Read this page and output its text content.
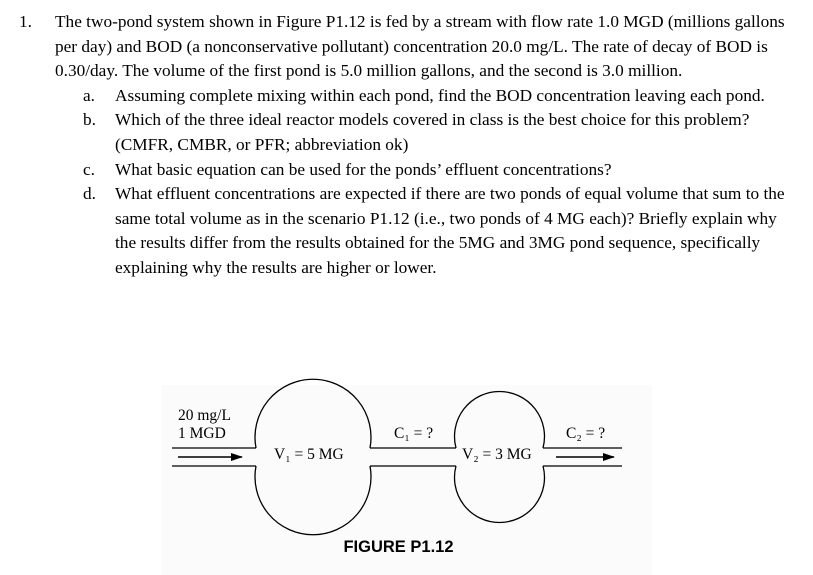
1. The two-pond system shown in Figure P1.12 is fed by a stream with flow rate 1.0 MGD (millions gallons per day) and BOD (a nonconservative pollutant) concentration 20.0 mg/L. The rate of decay of BOD is 0.30/day. The volume of the first pond is 5.0 million gallons, and the second is 3.0 million.
a. Assuming complete mixing within each pond, find the BOD concentration leaving each pond.
b. Which of the three ideal reactor models covered in class is the best choice for this problem? (CMFR, CMBR, or PFR; abbreviation ok)
c. What basic equation can be used for the ponds’ effluent concentrations?
d. What effluent concentrations are expected if there are two ponds of equal volume that sum to the same total volume as in the scenario P1.12 (i.e., two ponds of 4 MG each)? Briefly explain why the results differ from the results obtained for the 5MG and 3MG pond sequence, specifically explaining why the results are higher or lower.
20 mg/L
1 MGD
V₁ = 5 MG
C₁ = ?
V₂ = 3 MG
C₂ = ?
FIGURE P1.12
